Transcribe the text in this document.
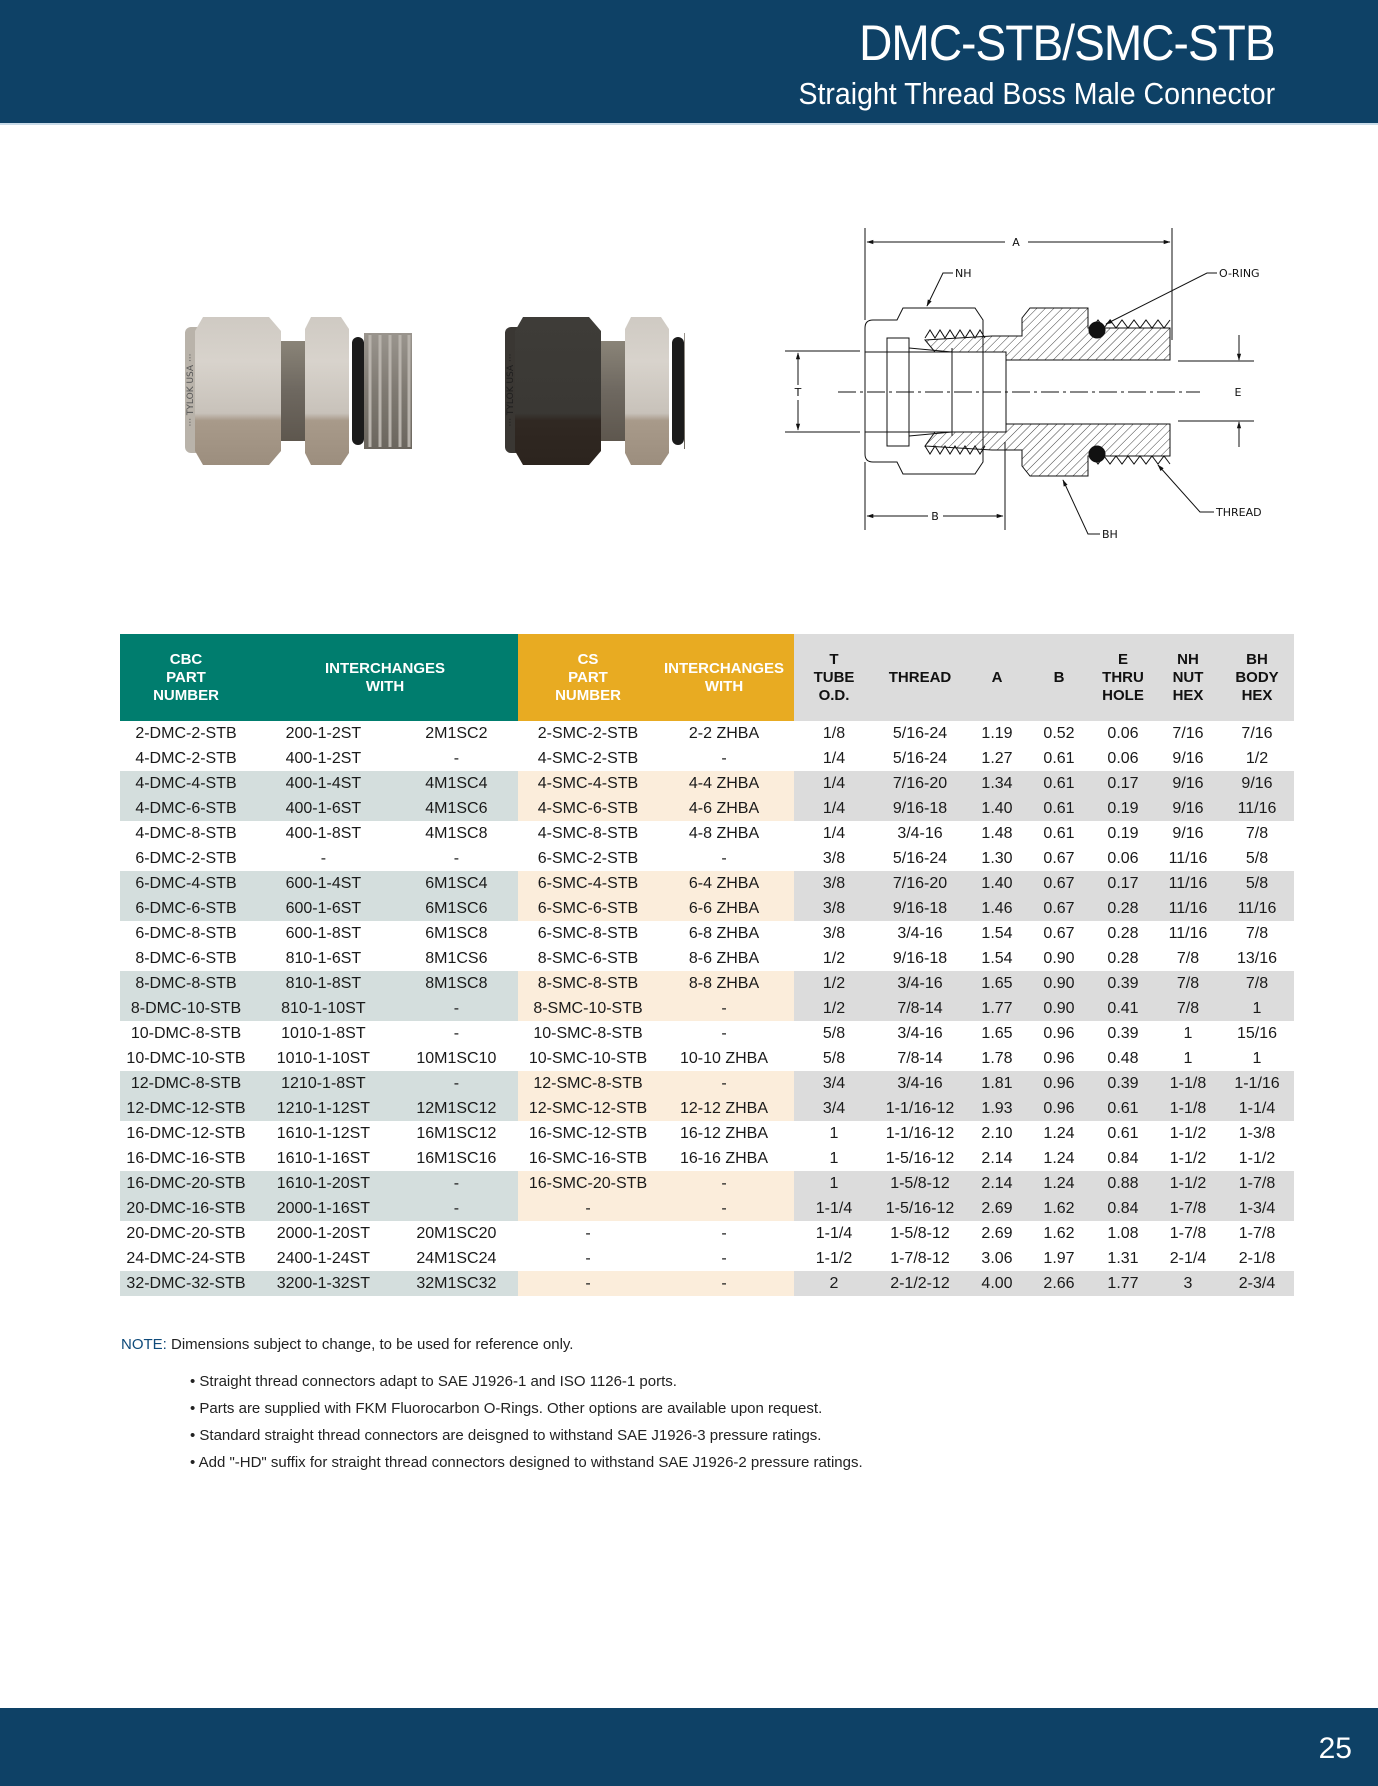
DMC-STB/SMC-STB
Straight Thread Boss Male Connector
··· TYLOK USA ···	··· TYLOK USA ···
A
T	E
B
NH	O-RING
THREAD
BH
CBC
PART
NUMBER	INTERCHANGES
WITH		CS
PART
NUMBER	INTERCHANGES
WITH		T
TUBE
O.D.	THREAD	A	B	E
THRU
HOLE	NH
NUT
HEX	BH
BODY
HEX
2-DMC-2-STB	200-1-2ST	2M1SC2	2-SMC-2-STB	2-2 ZHBA		1/8	5/16-24	1.19	0.52	0.06	7/16	7/16
4-DMC-2-STB	400-1-2ST	-	4-SMC-2-STB	-		1/4	5/16-24	1.27	0.61	0.06	9/16	1/2
4-DMC-4-STB	400-1-4ST	4M1SC4	4-SMC-4-STB	4-4 ZHBA		1/4	7/16-20	1.34	0.61	0.17	9/16	9/16
4-DMC-6-STB	400-1-6ST	4M1SC6	4-SMC-6-STB	4-6 ZHBA		1/4	9/16-18	1.40	0.61	0.19	9/16	11/16
4-DMC-8-STB	400-1-8ST	4M1SC8	4-SMC-8-STB	4-8 ZHBA		1/4	3/4-16	1.48	0.61	0.19	9/16	7/8
6-DMC-2-STB	-	-	6-SMC-2-STB	-		3/8	5/16-24	1.30	0.67	0.06	11/16	5/8
6-DMC-4-STB	600-1-4ST	6M1SC4	6-SMC-4-STB	6-4 ZHBA		3/8	7/16-20	1.40	0.67	0.17	11/16	5/8
6-DMC-6-STB	600-1-6ST	6M1SC6	6-SMC-6-STB	6-6 ZHBA		3/8	9/16-18	1.46	0.67	0.28	11/16	11/16
6-DMC-8-STB	600-1-8ST	6M1SC8	6-SMC-8-STB	6-8 ZHBA		3/8	3/4-16	1.54	0.67	0.28	11/16	7/8
8-DMC-6-STB	810-1-6ST	8M1CS6	8-SMC-6-STB	8-6 ZHBA		1/2	9/16-18	1.54	0.90	0.28	7/8	13/16
8-DMC-8-STB	810-1-8ST	8M1SC8	8-SMC-8-STB	8-8 ZHBA		1/2	3/4-16	1.65	0.90	0.39	7/8	7/8
8-DMC-10-STB	810-1-10ST	-	8-SMC-10-STB	-		1/2	7/8-14	1.77	0.90	0.41	7/8	1
10-DMC-8-STB	1010-1-8ST	-	10-SMC-8-STB	-		5/8	3/4-16	1.65	0.96	0.39	1	15/16
10-DMC-10-STB	1010-1-10ST	10M1SC10	10-SMC-10-STB	10-10 ZHBA		5/8	7/8-14	1.78	0.96	0.48	1	1
12-DMC-8-STB	1210-1-8ST	-	12-SMC-8-STB	-		3/4	3/4-16	1.81	0.96	0.39	1-1/8	1-1/16
12-DMC-12-STB	1210-1-12ST	12M1SC12	12-SMC-12-STB	12-12 ZHBA		3/4	1-1/16-12	1.93	0.96	0.61	1-1/8	1-1/4
16-DMC-12-STB	1610-1-12ST	16M1SC12	16-SMC-12-STB	16-12 ZHBA		1	1-1/16-12	2.10	1.24	0.61	1-1/2	1-3/8
16-DMC-16-STB	1610-1-16ST	16M1SC16	16-SMC-16-STB	16-16 ZHBA		1	1-5/16-12	2.14	1.24	0.84	1-1/2	1-1/2
16-DMC-20-STB	1610-1-20ST	-	16-SMC-20-STB	-		1	1-5/8-12	2.14	1.24	0.88	1-1/2	1-7/8
20-DMC-16-STB	2000-1-16ST	-	-	-		1-1/4	1-5/16-12	2.69	1.62	0.84	1-7/8	1-3/4
20-DMC-20-STB	2000-1-20ST	20M1SC20	-	-		1-1/4	1-5/8-12	2.69	1.62	1.08	1-7/8	1-7/8
24-DMC-24-STB	2400-1-24ST	24M1SC24	-	-		1-1/2	1-7/8-12	3.06	1.97	1.31	2-1/4	2-1/8
32-DMC-32-STB	3200-1-32ST	32M1SC32	-	-		2	2-1/2-12	4.00	2.66	1.77	3	2-3/4
NOTE: Dimensions subject to change, to be used for reference only.
• Straight thread connectors adapt to SAE J1926-1 and ISO 1126-1 ports.
• Parts are supplied with FKM Fluorocarbon O-Rings. Other options are available upon request.
• Standard straight thread connectors are deisgned to withstand SAE J1926-3 pressure ratings.
• Add "-HD" suffix for straight thread connectors designed to withstand SAE J1926-2 pressure ratings.
25
